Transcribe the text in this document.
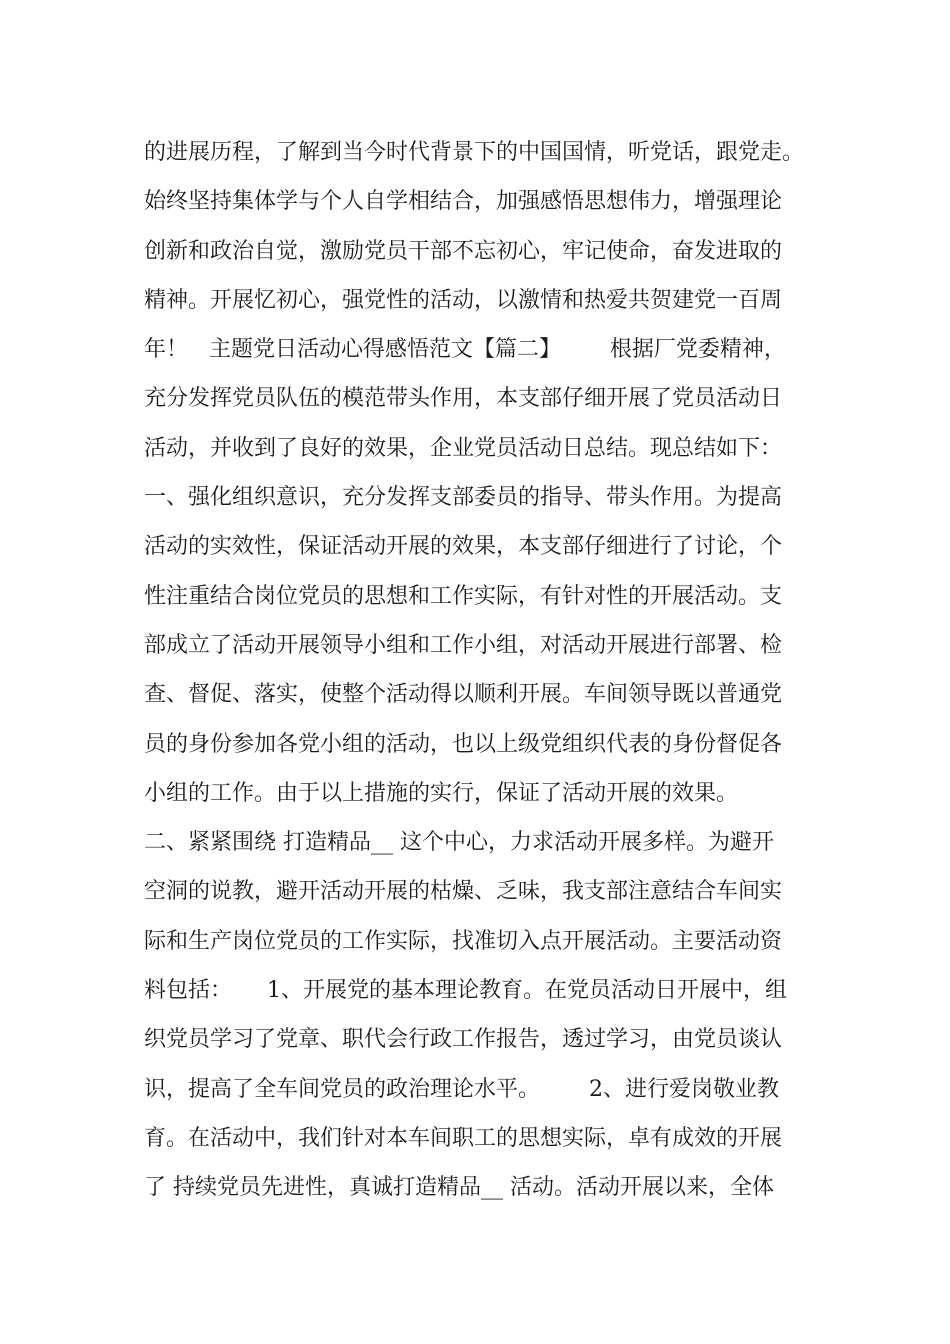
的进展历程，了解到当今时代背景下的中国国情，听党话，跟党走。
始终坚持集体学与个人自学相结合，加强感悟思想伟力，增强理论
创新和政治自觉，激励党员干部不忘初心，牢记使命，奋发进取的
精神。开展忆初心，强党性的活动，以激情和热爱共贺建党一百周
年！   主题党日活动心得感悟范文【篇二】       根据厂党委精神，
充分发挥党员队伍的模范带头作用，本支部仔细开展了党员活动日
活动，并收到了良好的效果，企业党员活动日总结。现总结如下：
一、强化组织意识，充分发挥支部委员的指导、带头作用。为提高
活动的实效性，保证活动开展的效果，本支部仔细进行了讨论，个
性注重结合岗位党员的思想和工作实际，有针对性的开展活动。支
部成立了活动开展领导小组和工作小组，对活动开展进行部署、检
查、督促、落实，使整个活动得以顺利开展。车间领导既以普通党
员的身份参加各党小组的活动，也以上级党组织代表的身份督促各
小组的工作。由于以上措施的实行，保证了活动开展的效果。
二、紧紧围绕 打造精品__ 这个中心，力求活动开展多样。为避开
空洞的说教，避开活动开展的枯燥、乏味，我支部注意结合车间实
际和生产岗位党员的工作实际，找准切入点开展活动。主要活动资
料包括：     1、开展党的基本理论教育。在党员活动日开展中，组
织党员学习了党章、职代会行政工作报告，透过学习，由党员谈认
识，提高了全车间党员的政治理论水平。       2、进行爱岗敬业教
育。在活动中，我们针对本车间职工的思想实际，卓有成效的开展
了 持续党员先进性，真诚打造精品__ 活动。活动开展以来，全体
